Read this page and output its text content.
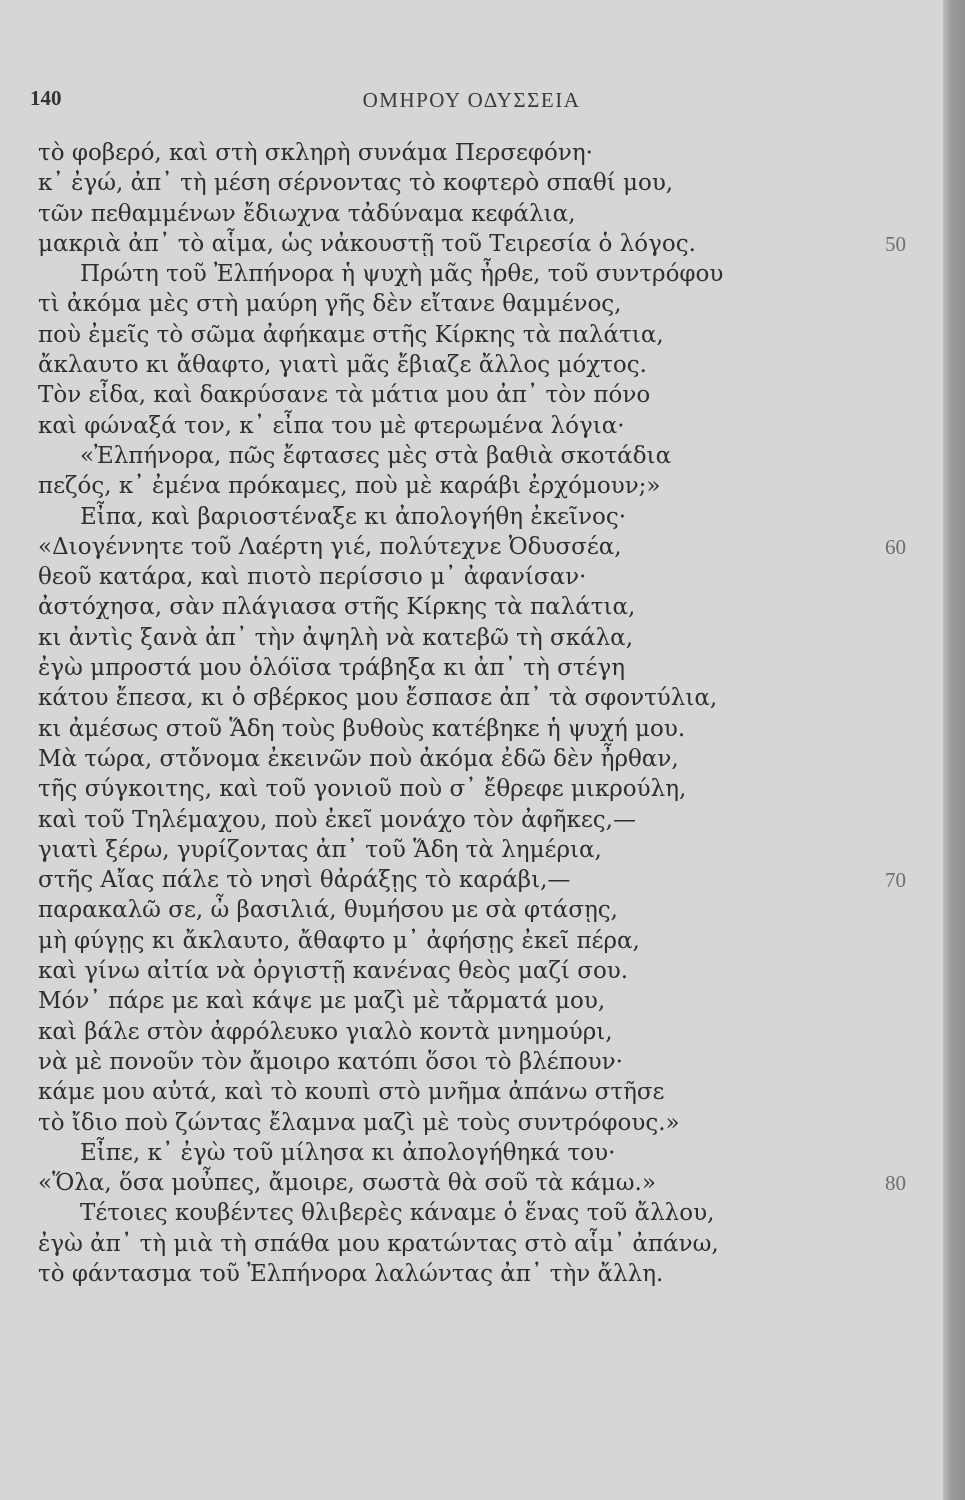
140	ΟΜΗΡΟΥ ΟΔΥΣΣΕΙΑ
τὸ φοβερό, καὶ στὴ σκληρὴ συνάμα Περσεφόνη·
κ᾿ ἐγώ, ἀπ᾿ τὴ μέση σέρνοντας τὸ κοφτερὸ σπαθί μου,
τῶν πεθαμμένων ἔδιωχνα τἀδύναμα κεφάλια,
μακριὰ ἀπ᾿ τὸ αἷμα, ὡς νἀκουστῇ τοῦ Τειρεσία ὁ λόγος.	50
Πρώτη τοῦ Ἐλπήνορα ἡ ψυχὴ μᾶς ἦρθε, τοῦ συντρόφου
τὶ ἀκόμα μὲς στὴ μαύρη γῆς δὲν εἴτανε θαμμένος,
ποὺ ἐμεῖς τὸ σῶμα ἀφήκαμε στῆς Κίρκης τὰ παλάτια,
ἄκλαυτο κι ἄθαφτο, γιατὶ μᾶς ἔβιαζε ἄλλος μόχτος.
Τὸν εἶδα, καὶ δακρύσανε τὰ μάτια μου ἀπ᾿ τὸν πόνο
καὶ φώναξά τον, κ᾿ εἶπα του μὲ φτερωμένα λόγια·
«Ἐλπήνορα, πῶς ἔφτασες μὲς στὰ βαθιὰ σκοτάδια
πεζός, κ᾿ ἐμένα πρόκαμες, ποὺ μὲ καράβι ἐρχόμουν;»
Εἶπα, καὶ βαριοστέναξε κι ἀπολογήθη ἐκεῖνος·
«Διογέννητε τοῦ Λαέρτη γιέ, πολύτεχνε Ὀδυσσέα,	60
θεοῦ κατάρα, καὶ πιοτὸ περίσσιο μ᾿ ἀφανίσαν·
ἀστόχησα, σὰν πλάγιασα στῆς Κίρκης τὰ παλάτια,
κι ἀντὶς ξανὰ ἀπ᾿ τὴν ἀψηλὴ νὰ κατεβῶ τὴ σκάλα,
ἐγὼ μπροστά μου ὁλόϊσα τράβηξα κι ἀπ᾿ τὴ στέγη
κάτου ἔπεσα, κι ὁ σβέρκος μου ἔσπασε ἀπ᾿ τὰ σφοντύλια,
κι ἀμέσως στοῦ Ἅδη τοὺς βυθοὺς κατέβηκε ἡ ψυχή μου.
Μὰ τώρα, στὄνομα ἐκεινῶν ποὺ ἀκόμα ἐδῶ δὲν ἦρθαν,
τῆς σύγκοιτης, καὶ τοῦ γονιοῦ ποὺ σ᾿ ἔθρεφε μικρούλη,
καὶ τοῦ Τηλέμαχου, ποὺ ἐκεῖ μονάχο τὸν ἀφῆκες,—
γιατὶ ξέρω, γυρίζοντας ἀπ᾿ τοῦ Ἅδη τὰ λημέρια,
στῆς Αἴας πάλε τὸ νησὶ θἀράξῃς τὸ καράβι,—	70
παρακαλῶ σε, ὦ βασιλιά, θυμήσου με σὰ φτάσῃς,
μὴ φύγῃς κι ἄκλαυτο, ἄθαφτο μ᾿ ἀφήσῃς ἐκεῖ πέρα,
καὶ γίνω αἰτία νὰ ὀργιστῇ κανένας θεὸς μαζί σου.
Μόν᾿ πάρε με καὶ κάψε με μαζὶ μὲ τἄρματά μου,
καὶ βάλε στὸν ἀφρόλευκο γιαλὸ κοντὰ μνημούρι,
νὰ μὲ πονοῦν τὸν ἄμοιρο κατόπι ὅσοι τὸ βλέπουν·
κάμε μου αὐτά, καὶ τὸ κουπὶ στὸ μνῆμα ἀπάνω στῆσε
τὸ ἴδιο ποὺ ζώντας ἔλαμνα μαζὶ μὲ τοὺς συντρόφους.»
Εἶπε, κ᾿ ἐγὼ τοῦ μίλησα κι ἀπολογήθηκά του·
«Ὅλα, ὅσα μοὖπες, ἄμοιρε, σωστὰ θὰ σοῦ τὰ κάμω.»	80
Τέτοιες κουβέντες θλιβερὲς κάναμε ὁ ἕνας τοῦ ἄλλου,
ἐγὼ ἀπ᾿ τὴ μιὰ τὴ σπάθα μου κρατώντας στὸ αἷμ᾿ ἀπάνω,
τὸ φάντασμα τοῦ Ἐλπήνορα λαλώντας ἀπ᾿ τὴν ἄλλη.
